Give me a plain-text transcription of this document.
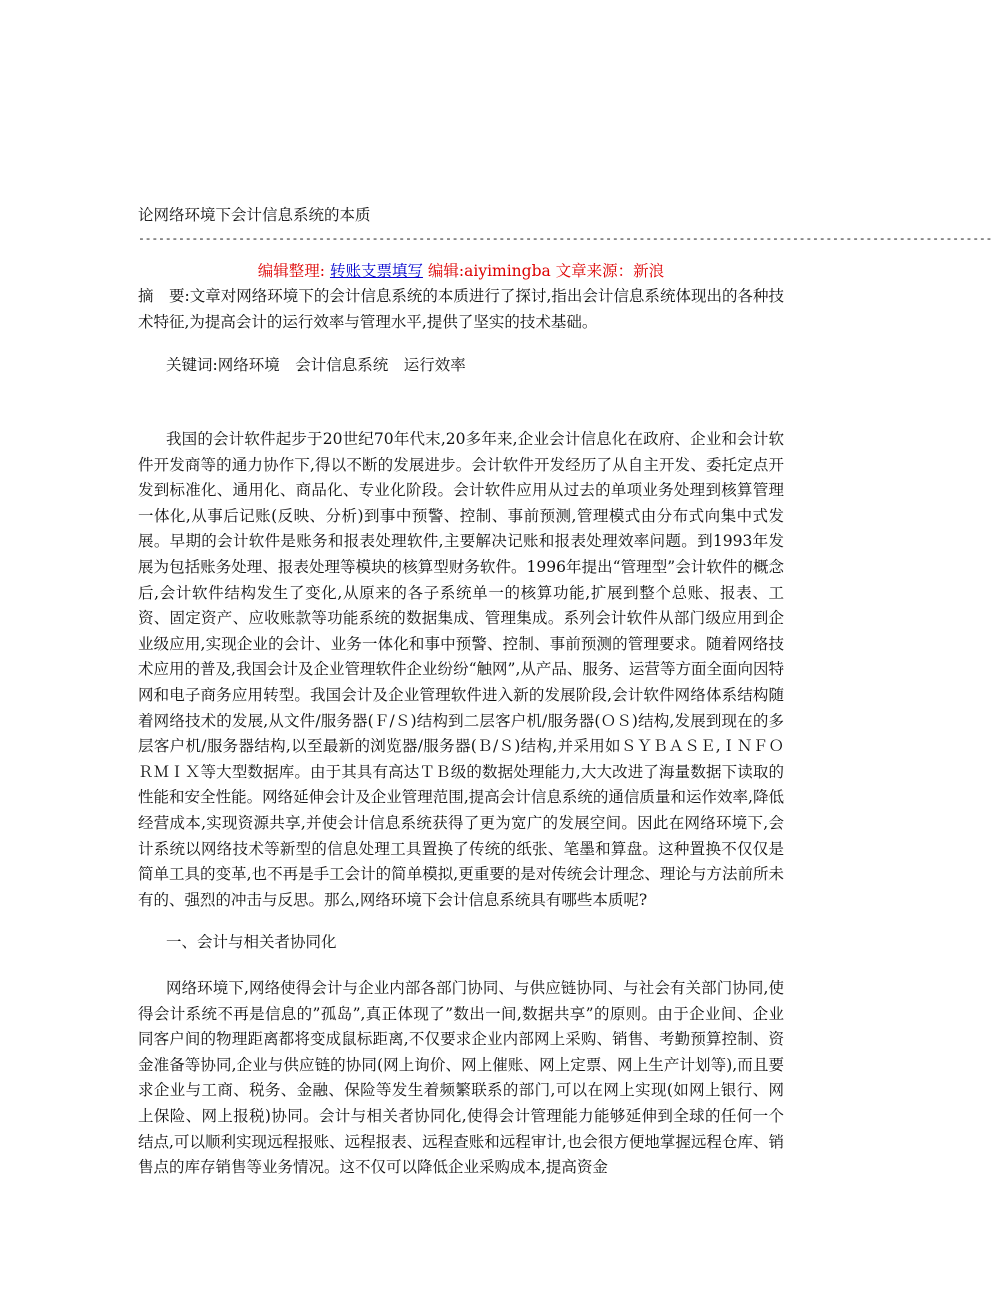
论网络环境下会计信息系统的本质
--------------------------------------------------------------------------------------------------------------------------------
编辑整理: 转账支票填写 编辑:aiyimingba 文章来源：新浪
摘　要:文章对网络环境下的会计信息系统的本质进行了探讨,指出会计信息系统体现出的各种技术特征,为提高会计的运行效率与管理水平,提供了坚实的技术基础。
关键词:网络环境　会计信息系统　运行效率
我国的会计软件起步于20世纪70年代末,20多年来,企业会计信息化在政府、企业和会计软件开发商等的通力协作下,得以不断的发展进步。会计软件开发经历了从自主开发、委托定点开发到标准化、通用化、商品化、专业化阶段。会计软件应用从过去的单项业务处理到核算管理一体化,从事后记账(反映、分析)到事中预警、控制、事前预测,管理模式由分布式向集中式发展。早期的会计软件是账务和报表处理软件,主要解决记账和报表处理效率问题。到1993年发展为包括账务处理、报表处理等模块的核算型财务软件。1996年提出“管理型”会计软件的概念后,会计软件结构发生了变化,从原来的各子系统单一的核算功能,扩展到整个总账、报表、工资、固定资产、应收账款等功能系统的数据集成、管理集成。系列会计软件从部门级应用到企业级应用,实现企业的会计、业务一体化和事中预警、控制、事前预测的管理要求。随着网络技术应用的普及,我国会计及企业管理软件企业纷纷“触网”,从产品、服务、运营等方面全面向因特网和电子商务应用转型。我国会计及企业管理软件进入新的发展阶段,会计软件网络体系结构随着网络技术的发展,从文件/服务器(Ｆ/Ｓ)结构到二层客户机/服务器(ＯＳ)结构,发展到现在的多层客户机/服务器结构,以至最新的浏览器/服务器(Ｂ/Ｓ)结构,并采用如ＳＹＢＡＳＥ,ＩＮＦＯＲＭＩＸ等大型数据库。由于其具有高达ＴＢ级的数据处理能力,大大改进了海量数据下读取的性能和安全性能。网络延伸会计及企业管理范围,提高会计信息系统的通信质量和运作效率,降低经营成本,实现资源共享,并使会计信息系统获得了更为宽广的发展空间。因此在网络环境下,会计系统以网络技术等新型的信息处理工具置换了传统的纸张、笔墨和算盘。这种置换不仅仅是简单工具的变革,也不再是手工会计的简单模拟,更重要的是对传统会计理念、理论与方法前所未有的、强烈的冲击与反思。那么,网络环境下会计信息系统具有哪些本质呢?
一、会计与相关者协同化
网络环境下,网络使得会计与企业内部各部门协同、与供应链协同、与社会有关部门协同,使得会计系统不再是信息的”孤岛”,真正体现了”数出一间,数据共享”的原则。由于企业间、企业同客户间的物理距离都将变成鼠标距离,不仅要求企业内部网上采购、销售、考勤预算控制、资金准备等协同,企业与供应链的协同(网上询价、网上催账、网上定票、网上生产计划等),而且要求企业与工商、税务、金融、保险等发生着频繁联系的部门,可以在网上实现(如网上银行、网上保险、网上报税)协同。会计与相关者协同化,使得会计管理能力能够延伸到全球的任何一个结点,可以顺利实现远程报账、远程报表、远程查账和远程审计,也会很方便地掌握远程仓库、销售点的库存销售等业务情况。这不仅可以降低企业采购成本,提高资金
